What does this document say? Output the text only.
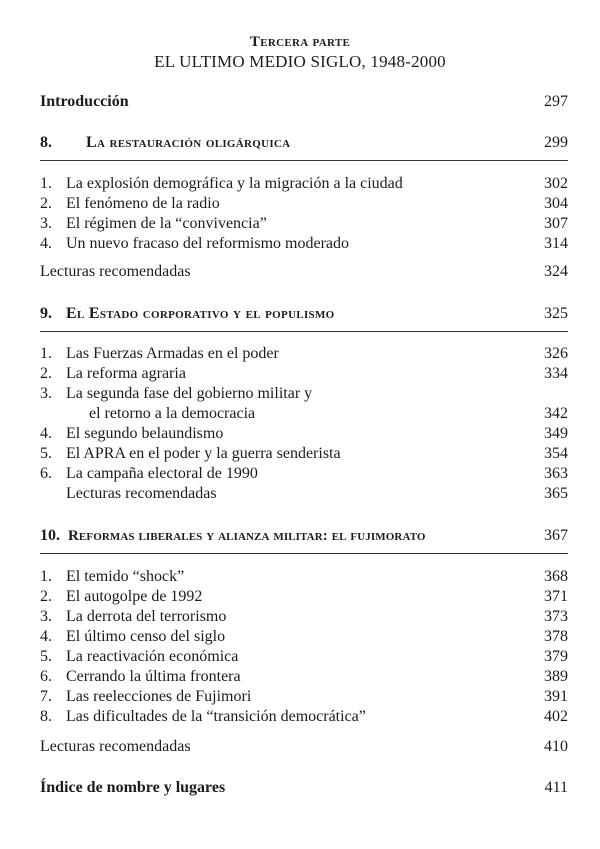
Tercera parte
EL ULTIMO MEDIO SIGLO, 1948-2000
Introducción	297
8. La restauración oligárquica	299
1. La explosión demográfica y la migración a la ciudad	302
2. El fenómeno de la radio	304
3. El régimen de la “convivencia”	307
4. Un nuevo fracaso del reformismo moderado	314
Lecturas recomendadas	324
9. El Estado corporativo y el populismo	325
1. Las Fuerzas Armadas en el poder	326
2. La reforma agraria	334
3. La segunda fase del gobierno militar y
el retorno a la democracia	342
4. El segundo belaundismo	349
5. El APRA en el poder y la guerra senderista	354
6. La campaña electoral de 1990	363
Lecturas recomendadas	365
10. Reformas liberales y alianza militar: el fujimorato	367
1. El temido “shock”	368
2. El autogolpe de 1992	371
3. La derrota del terrorismo	373
4. El último censo del siglo	378
5. La reactivación económica	379
6. Cerrando la última frontera	389
7. Las reelecciones de Fujimori	391
8. Las dificultades de la “transición democrática”	402
Lecturas recomendadas	410
Índice de nombre y lugares	411
